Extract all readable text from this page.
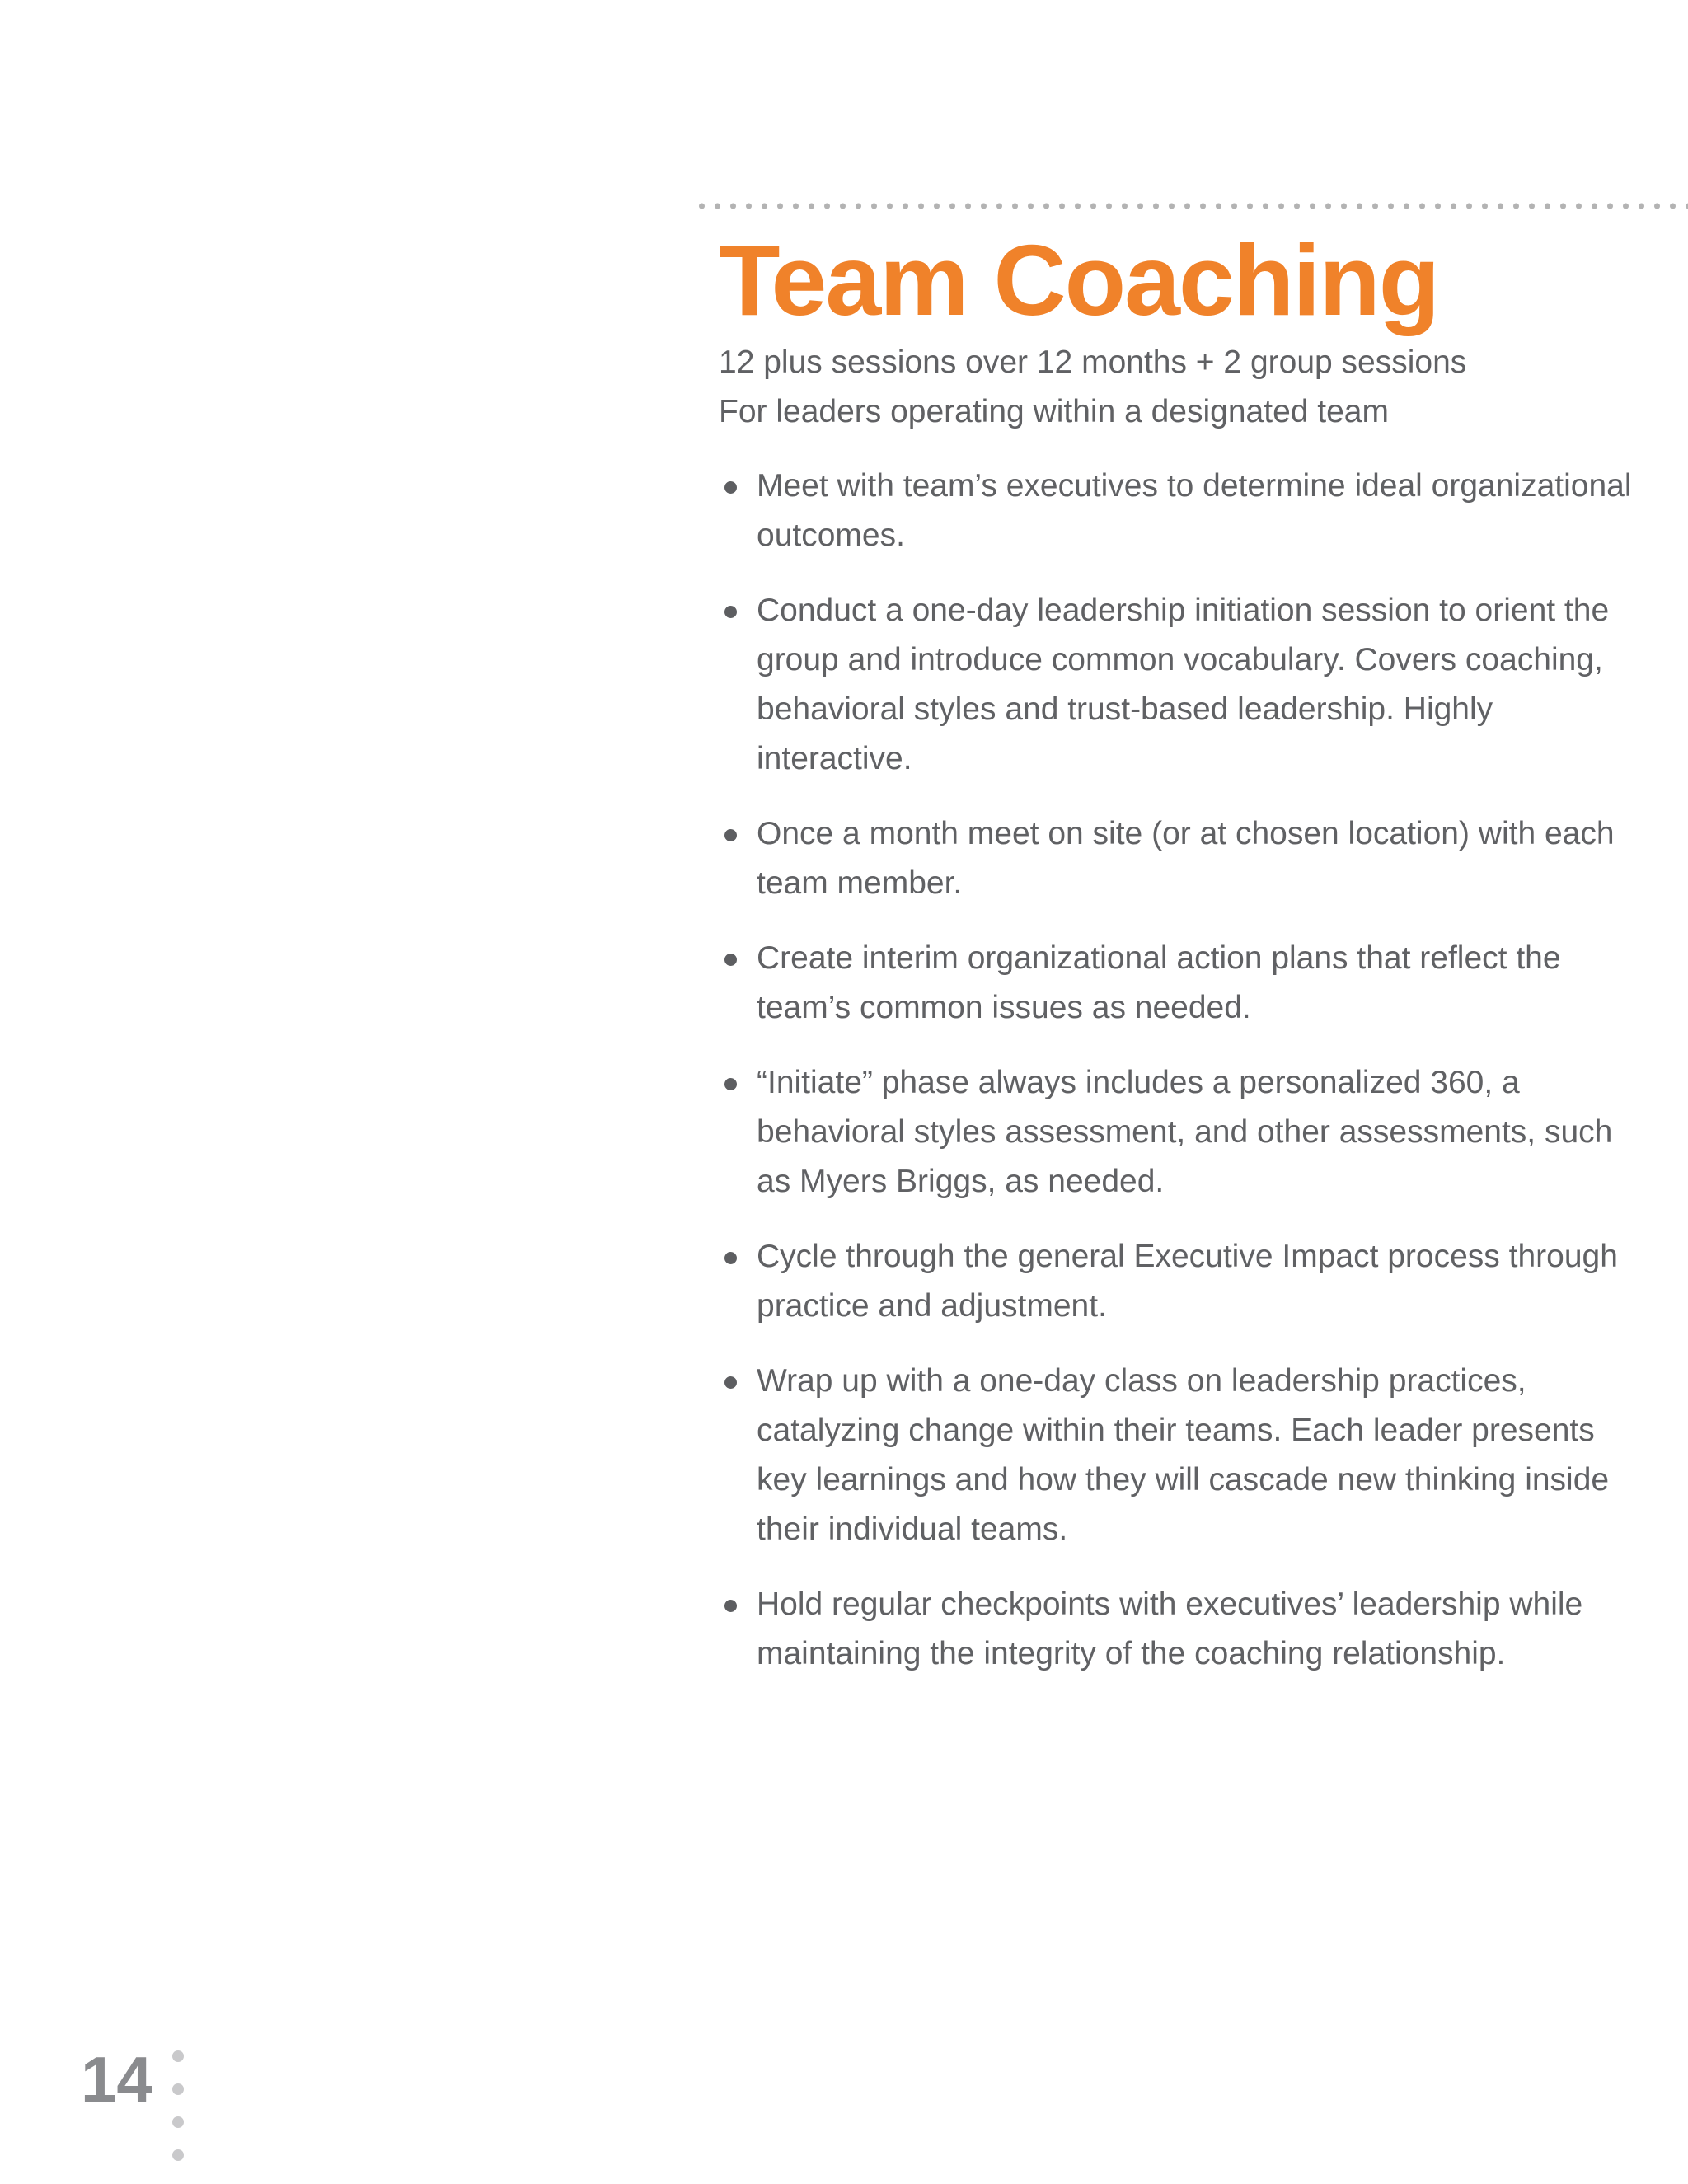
Team Coaching

12 plus sessions over 12 months + 2 group sessions

For leaders operating within a designated team

Meet with team’s executives to determine ideal organizational outcomes.
Conduct a one-day leadership initiation session to orient the group and introduce common vocabulary. Covers coaching, behavioral styles and trust-based leadership. Highly interactive.
Once a month meet on site (or at chosen location) with each team member.
Create interim organizational action plans that reflect the team’s common issues as needed.
“Initiate” phase always includes a personalized 360, a behavioral styles assessment, and other assessments, such as Myers Briggs, as needed.
Cycle through the general Executive Impact process through practice and adjustment.
Wrap up with a one-day class on leadership practices, catalyzing change within their teams. Each leader presents key learnings and how they will cascade new thinking inside their individual teams.
Hold regular checkpoints with executives’ leadership while maintaining the integrity of the coaching relationship.

14
